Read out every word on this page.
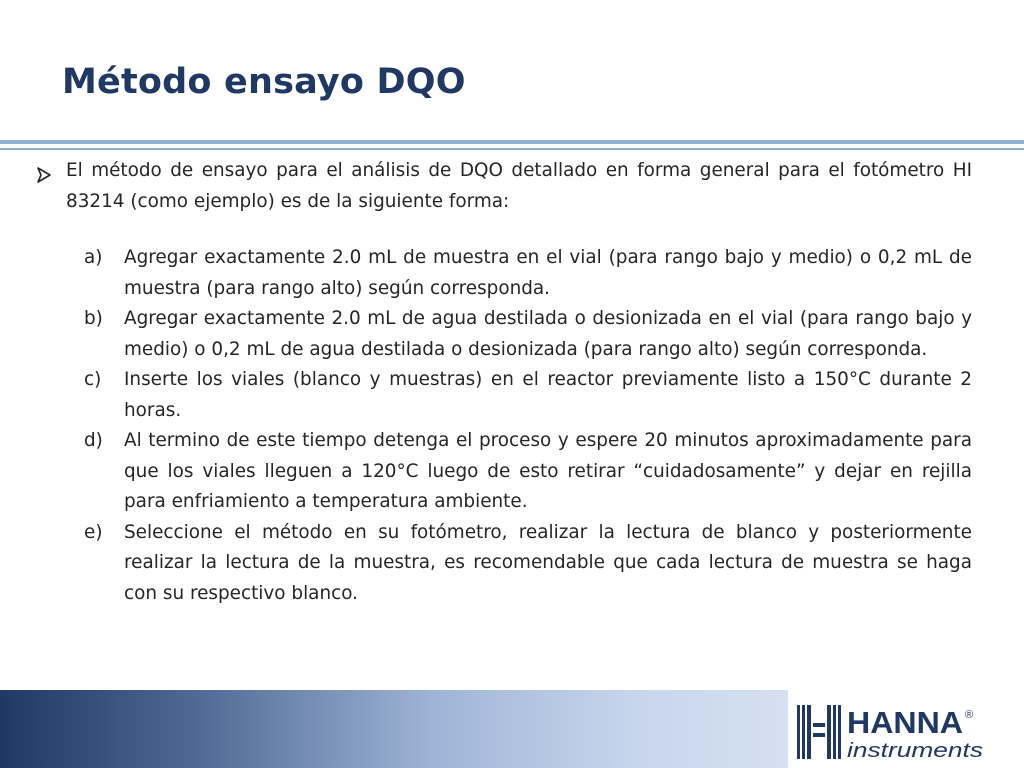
Método ensayo DQO
El método de ensayo para el análisis de DQO detallado en forma general para el fotómetro HI 83214 (como ejemplo) es de la siguiente forma:
a)	Agregar exactamente 2.0 mL de muestra en el vial (para rango bajo y medio) o 0,2 mL de muestra (para rango alto) según corresponda.
b)	Agregar exactamente 2.0 mL de agua destilada o desionizada en el vial (para rango bajo y medio) o 0,2 mL de agua destilada o desionizada (para rango alto) según corresponda.
c)	Inserte los viales (blanco y muestras) en el reactor previamente listo a 150°C durante 2 horas.
d)	Al termino de este tiempo detenga el proceso y espere 20 minutos aproximadamente para que los viales lleguen a 120°C luego de esto retirar “cuidadosamente” y dejar en rejilla para enfriamiento a temperatura ambiente.
e)	Seleccione el método en su fotómetro, realizar la lectura de blanco y posteriormente realizar la lectura de la muestra, es recomendable que cada lectura de muestra se haga con su respectivo blanco.
HANNA ®
instruments
